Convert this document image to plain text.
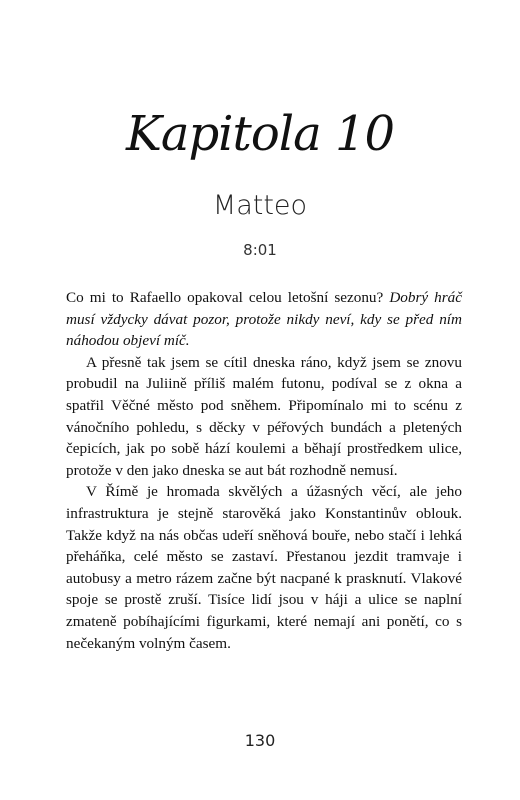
Kapitola 10
Matteo
8:01

Co mi to Rafaello opakoval celou letošní sezonu? Dobrý hráč musí vždycky dávat pozor, protože nikdy neví, kdy se před ním náhodou objeví míč.

A přesně tak jsem se cítil dneska ráno, když jsem se znovu probudil na Juliině příliš malém futonu, podíval se z okna a spatřil Věčné město pod sněhem. Připomínalo mi to scénu z vánočního pohledu, s děcky v péřových bundách a pletených čepicích, jak po sobě hází koulemi a běhají prostředkem ulice, protože v den jako dneska se aut bát rozhodně nemusí.

V Římě je hromada skvělých a úžasných věcí, ale jeho infrastruktura je stejně starověká jako Konstantinův oblouk. Takže když na nás občas udeří sněhová bouře, nebo stačí i lehká přeháňka, celé město se zastaví. Přestanou jezdit tramvaje i autobusy a metro rázem začne být nacpané k prasknutí. Vlakové spoje se prostě zruší. Tisíce lidí jsou v háji a ulice se naplní zmateně pobíhajícími figurkami, které nemají ani ponětí, co s nečekaným volným časem.

130
